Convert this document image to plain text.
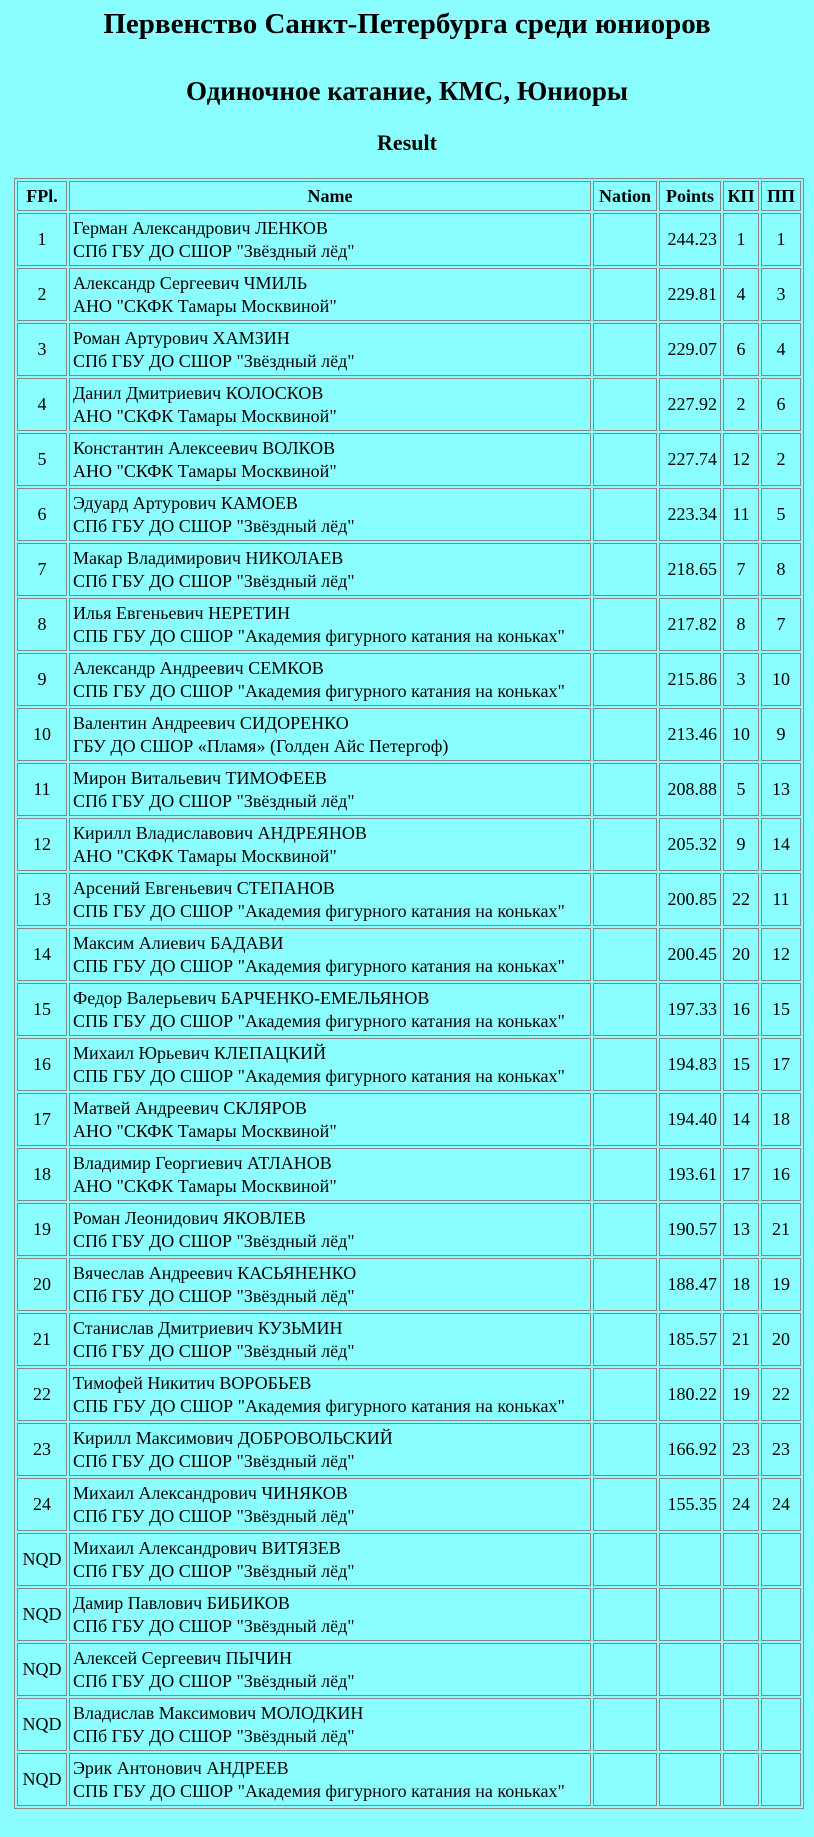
Первенство Санкт-Петербурга среди юниоров
Одиночное катание, КМС, Юниоры
Result
FPl.	Name	Nation	Points	КП	ПП
1	Герман Александрович ЛЕНКОВ
СПб ГБУ ДО СШОР "Звёздный лёд"		244.23	1	1
2	Александр Сергеевич ЧМИЛЬ
АНО "СКФК Тамары Москвиной"		229.81	4	3
3	Роман Артурович ХАМЗИН
СПб ГБУ ДО СШОР "Звёздный лёд"		229.07	6	4
4	Данил Дмитриевич КОЛОСКОВ
АНО "СКФК Тамары Москвиной"		227.92	2	6
5	Константин Алексеевич ВОЛКОВ
АНО "СКФК Тамары Москвиной"		227.74	12	2
6	Эдуард Артурович КАМОЕВ
СПб ГБУ ДО СШОР "Звёздный лёд"		223.34	11	5
7	Макар Владимирович НИКОЛАЕВ
СПб ГБУ ДО СШОР "Звёздный лёд"		218.65	7	8
8	Илья Евгеньевич НЕРЕТИН
СПБ ГБУ ДО СШОР "Академия фигурного катания на коньках"		217.82	8	7
9	Александр Андреевич СЕМКОВ
СПБ ГБУ ДО СШОР "Академия фигурного катания на коньках"		215.86	3	10
10	Валентин Андреевич СИДОРЕНКО
ГБУ ДО СШОР «Пламя» (Голден Айс Петергоф)		213.46	10	9
11	Мирон Витальевич ТИМОФЕЕВ
СПб ГБУ ДО СШОР "Звёздный лёд"		208.88	5	13
12	Кирилл Владиславович АНДРЕЯНОВ
АНО "СКФК Тамары Москвиной"		205.32	9	14
13	Арсений Евгеньевич СТЕПАНОВ
СПБ ГБУ ДО СШОР "Академия фигурного катания на коньках"		200.85	22	11
14	Максим Алиевич БАДАВИ
СПБ ГБУ ДО СШОР "Академия фигурного катания на коньках"		200.45	20	12
15	Федор Валерьевич БАРЧЕНКО-ЕМЕЛЬЯНОВ
СПБ ГБУ ДО СШОР "Академия фигурного катания на коньках"		197.33	16	15
16	Михаил Юрьевич КЛЕПАЦКИЙ
СПБ ГБУ ДО СШОР "Академия фигурного катания на коньках"		194.83	15	17
17	Матвей Андреевич СКЛЯРОВ
АНО "СКФК Тамары Москвиной"		194.40	14	18
18	Владимир Георгиевич АТЛАНОВ
АНО "СКФК Тамары Москвиной"		193.61	17	16
19	Роман Леонидович ЯКОВЛЕВ
СПб ГБУ ДО СШОР "Звёздный лёд"		190.57	13	21
20	Вячеслав Андреевич КАСЬЯНЕНКО
СПб ГБУ ДО СШОР "Звёздный лёд"		188.47	18	19
21	Станислав Дмитриевич КУЗЬМИН
СПб ГБУ ДО СШОР "Звёздный лёд"		185.57	21	20
22	Тимофей Никитич ВОРОБЬЕВ
СПБ ГБУ ДО СШОР "Академия фигурного катания на коньках"		180.22	19	22
23	Кирилл Максимович ДОБРОВОЛЬСКИЙ
СПб ГБУ ДО СШОР "Звёздный лёд"		166.92	23	23
24	Михаил Александрович ЧИНЯКОВ
СПб ГБУ ДО СШОР "Звёздный лёд"		155.35	24	24
NQD	Михаил Александрович ВИТЯЗЕВ
СПб ГБУ ДО СШОР "Звёздный лёд"				

NQD	Дамир Павлович БИБИКОВ
СПб ГБУ ДО СШОР "Звёздный лёд"				

NQD	Алексей Сергеевич ПЫЧИН
СПб ГБУ ДО СШОР "Звёздный лёд"				

NQD	Владислав Максимович МОЛОДКИН
СПб ГБУ ДО СШОР "Звёздный лёд"				

NQD	Эрик Антонович АНДРЕЕВ
СПБ ГБУ ДО СШОР "Академия фигурного катания на коньках"				
